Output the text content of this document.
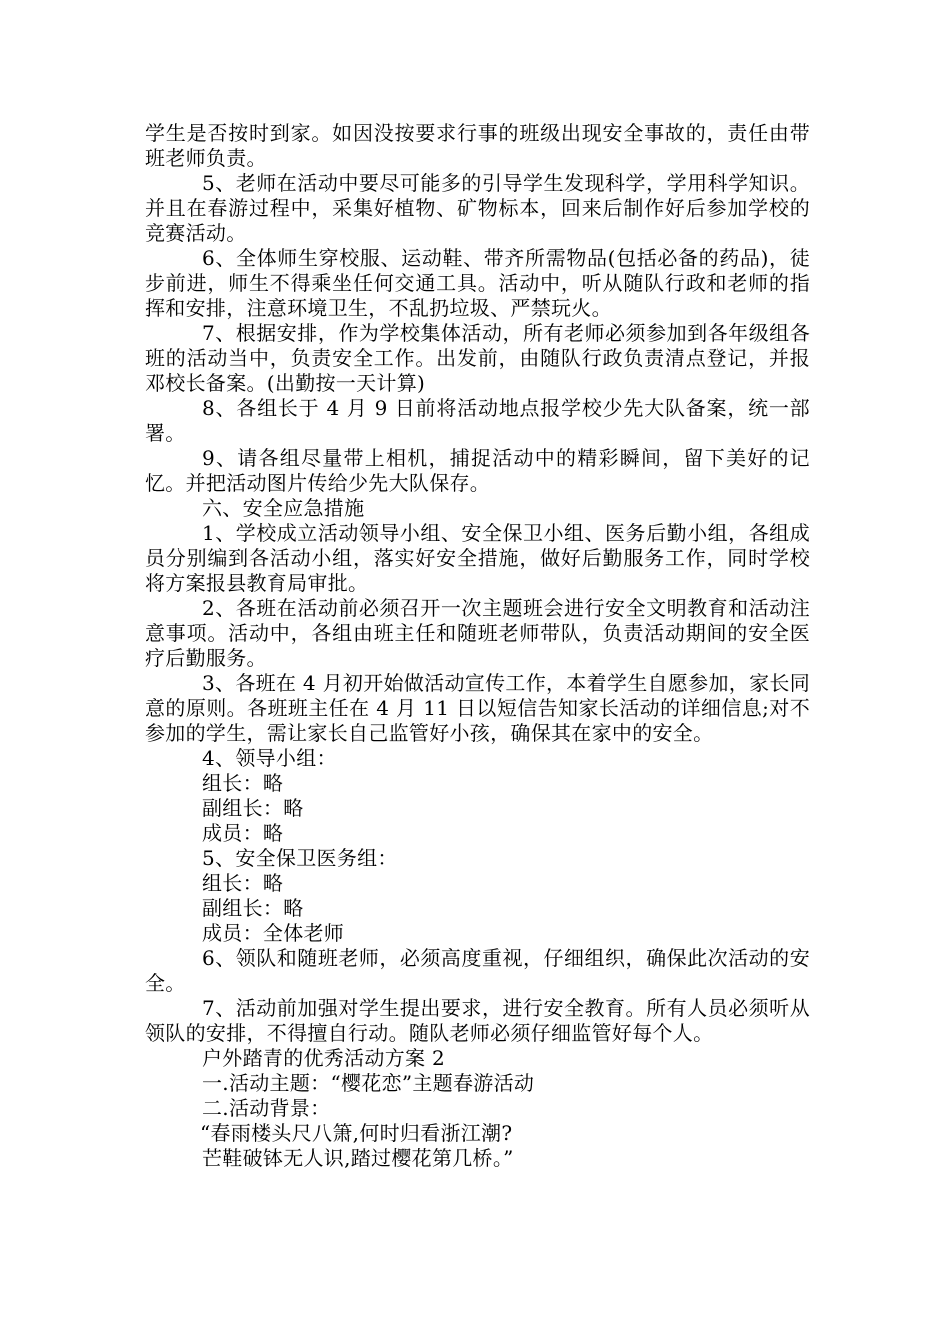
学生是否按时到家。如因没按要求行事的班级出现安全事故的，责任由带班老师负责。

5、老师在活动中要尽可能多的引导学生发现科学，学用科学知识。并且在春游过程中，采集好植物、矿物标本，回来后制作好后参加学校的竞赛活动。

6、全体师生穿校服、运动鞋、带齐所需物品(包括必备的药品)，徒步前进，师生不得乘坐任何交通工具。活动中，听从随队行政和老师的指挥和安排，注意环境卫生，不乱扔垃圾、严禁玩火。

7、根据安排，作为学校集体活动，所有老师必须参加到各年级组各班的活动当中，负责安全工作。出发前，由随队行政负责清点登记，并报邓校长备案。(出勤按一天计算)

8、各组长于 4 月 9 日前将活动地点报学校少先大队备案，统一部署。

9、请各组尽量带上相机，捕捉活动中的精彩瞬间，留下美好的记忆。并把活动图片传给少先大队保存。

六、安全应急措施

1、学校成立活动领导小组、安全保卫小组、医务后勤小组，各组成员分别编到各活动小组，落实好安全措施，做好后勤服务工作，同时学校将方案报县教育局审批。

2、各班在活动前必须召开一次主题班会进行安全文明教育和活动注意事项。活动中，各组由班主任和随班老师带队，负责活动期间的安全医疗后勤服务。

3、各班在 4 月初开始做活动宣传工作，本着学生自愿参加，家长同意的原则。各班班主任在 4 月 11 日以短信告知家长活动的详细信息;对不参加的学生，需让家长自己监管好小孩，确保其在家中的安全。

4、领导小组：

组长：略

副组长：略

成员：略

5、安全保卫医务组：

组长：略

副组长：略

成员：全体老师

6、领队和随班老师，必须高度重视，仔细组织，确保此次活动的安全。

7、活动前加强对学生提出要求，进行安全教育。所有人员必须听从领队的安排，不得擅自行动。随队老师必须仔细监管好每个人。

户外踏青的优秀活动方案 2

一.活动主题：“樱花恋”主题春游活动

二.活动背景：

“春雨楼头尺八箫,何时归看浙江潮?

芒鞋破钵无人识,踏过樱花第几桥。”
